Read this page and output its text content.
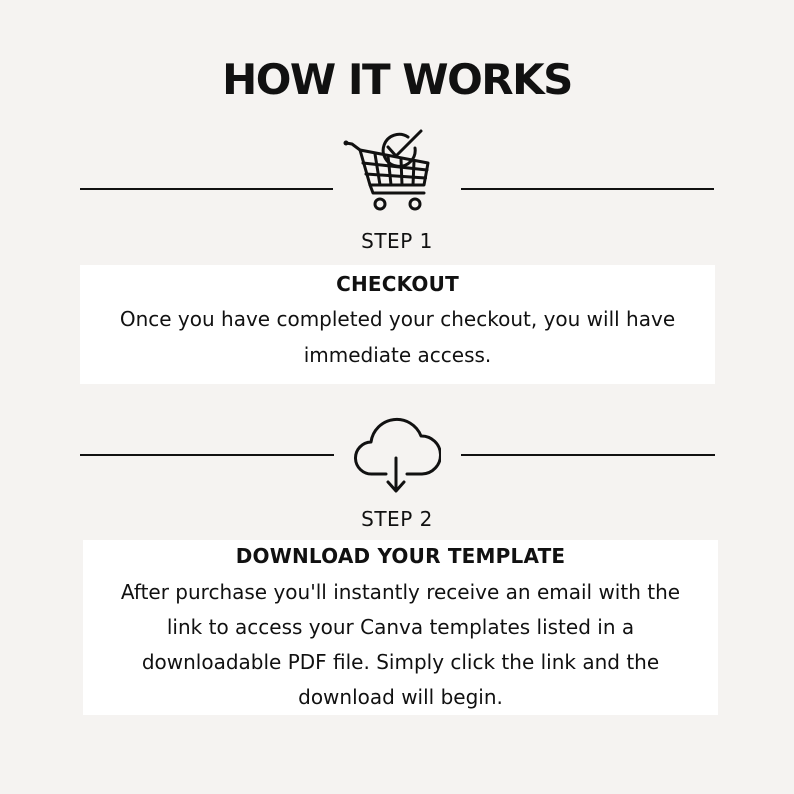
HOW IT WORKS
STEP 1

CHECKOUT

Once you have completed your checkout, you will have immediate access.

STEP 2

DOWNLOAD YOUR TEMPLATE

After purchase you'll instantly receive an email with the link to access your Canva templates listed in a downloadable PDF file. Simply click the link and the download will begin.
